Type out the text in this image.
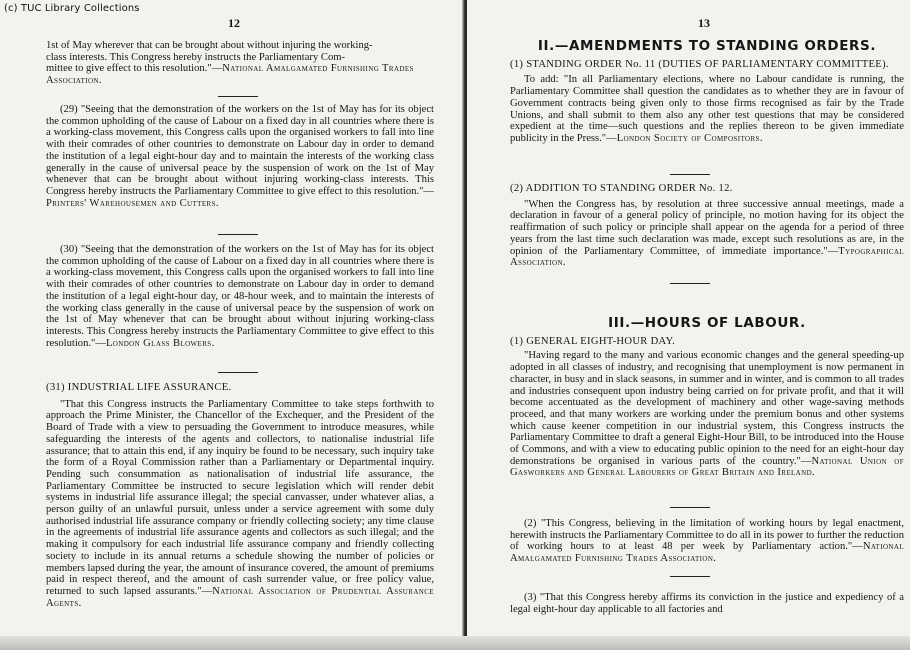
(c) TUC Library Collections
12

1st of May wherever that can be brought about without injuring the working-
class interests. This Congress hereby instructs the Parliamentary Com-
mittee to give effect to this resolution."—National Amalgamated Furnishing Trades Association.

(29) "Seeing that the demonstration of the workers on the 1st of May has for its object the common upholding of the cause of Labour on a fixed day in all countries where there is a working-class movement, this Congress calls upon the organised workers to fall into line with their comrades of other countries to demonstrate on Labour day in order to demand the institution of a legal eight-hour day and to maintain the interests of the working class generally in the cause of universal peace by the suspension of work on the 1st of May whenever that can be brought about without injuring working-class interests. This Congress hereby instructs the Parliamentary Committee to give effect to this resolution."—Printers' Warehousemen and Cutters.

(30) "Seeing that the demonstration of the workers on the 1st of May has for its object the common upholding of the cause of Labour on a fixed day in all countries where there is a working-class movement, this Congress calls upon the organised workers to fall into line with their comrades of other countries to demonstrate on Labour day in order to demand the institution of a legal eight-hour day, or 48-hour week, and to maintain the interests of the working class generally in the cause of universal peace by the suspension of work on the 1st of May whenever that can be brought about without injuring working-class interests. This Congress hereby instructs the Parliamentary Committee to give effect to this resolution."—London Glass Blowers.

(31) INDUSTRIAL LIFE ASSURANCE.

"That this Congress instructs the Parliamentary Committee to take steps forthwith to approach the Prime Minister, the Chancellor of the Exchequer, and the President of the Board of Trade with a view to persuading the Government to introduce measures, while safeguarding the interests of the agents and collectors, to nationalise industrial life assurance; that to attain this end, if any inquiry be found to be necessary, such inquiry take the form of a Royal Commission rather than a Parliamentary or Departmental inquiry. Pending such consummation as nationalisation of industrial life assurance, the Parliamentary Committee be instructed to secure legislation which will render debit systems in industrial life assurance illegal; the special canvasser, under whatever alias, a person guilty of an unlawful pursuit, unless under a service agreement with some duly authorised industrial life assurance company or friendly collecting society; any time clause in the agreements of industrial life assurance agents and collectors as such illegal; and the making it compulsory for each industrial life assurance company and friendly collecting society to include in its annual returns a schedule showing the number of policies or members lapsed during the year, the amount of insurance covered, the amount of premiums paid in respect thereof, and the amount of cash surrender value, or free policy value, returned to such lapsed assurants."—National Association of Prudential Assurance Agents.

13
II.—AMENDMENTS TO STANDING ORDERS.

(1) STANDING ORDER No. 11 (DUTIES OF PARLIAMENTARY COMMITTEE).

To add: "In all Parliamentary elections, where no Labour candidate is running, the Parliamentary Committee shall question the candidates as to whether they are in favour of Government contracts being given only to those firms recognised as fair by the Trade Unions, and shall submit to them also any other test questions that may be considered expedient at the time—such questions and the replies thereon to be given immediate publicity in the Press."—London Society of Compositors.

(2) ADDITION TO STANDING ORDER No. 12.

"When the Congress has, by resolution at three successive annual meetings, made a declaration in favour of a general policy of principle, no motion having for its object the reaffirmation of such policy or principle shall appear on the agenda for a period of three years from the last time such declaration was made, except such resolutions as are, in the opinion of the Parliamentary Committee, of immediate importance."—Typographical Association.

III.—HOURS OF LABOUR.

(1) GENERAL EIGHT-HOUR DAY.

"Having regard to the many and various economic changes and the general speeding-up adopted in all classes of industry, and recognising that unemployment is now permanent in character, in busy and in slack seasons, in summer and in winter, and is common to all trades and industries consequent upon industry being carried on for private profit, and that it will become accentuated as the development of machinery and other wage-saving methods proceed, and that many workers are working under the premium bonus and other systems which cause keener competition in our industrial system, this Congress instructs the Parliamentary Committee to draft a general Eight-Hour Bill, to be introduced into the House of Commons, and with a view to educating public opinion to the need for an eight-hour day demonstrations be organised in various parts of the country."—National Union of Gasworkers and General Labourers of Great Britain and Ireland.

(2) "This Congress, believing in the limitation of working hours by legal enactment, herewith instructs the Parliamentary Committee to do all in its power to further the reduction of working hours to at least 48 per week by Parliamentary action."—National Amalgamated Furnishing Trades Association.

(3) "That this Congress hereby affirms its conviction in the justice and expediency of a legal eight-hour day applicable to all factories and
